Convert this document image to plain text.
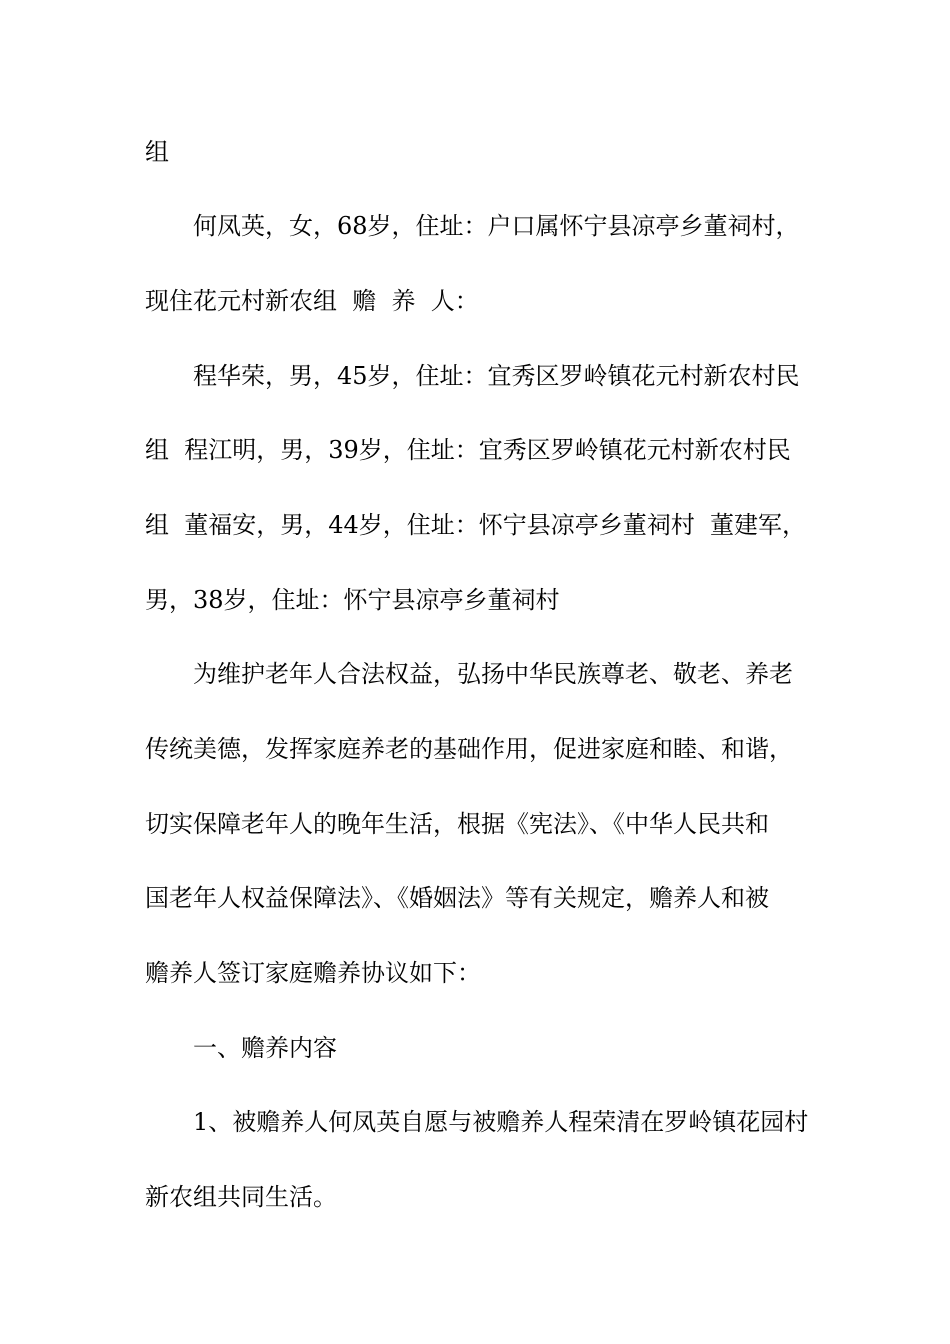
组
何凤英，女，68岁，住址：户口属怀宁县凉亭乡董祠村，
现住花元村新农组  赡  养  人：
程华荣，男，45岁，住址：宜秀区罗岭镇花元村新农村民
组  程江明，男，39岁，住址：宜秀区罗岭镇花元村新农村民
组  董福安，男，44岁，住址：怀宁县凉亭乡董祠村  董建军，
男，38岁，住址：怀宁县凉亭乡董祠村
为维护老年人合法权益，弘扬中华民族尊老、敬老、养老
传统美德，发挥家庭养老的基础作用，促进家庭和睦、和谐，
切实保障老年人的晚年生活，根据《宪法》、《中华人民共和
国老年人权益保障法》、《婚姻法》等有关规定，赡养人和被
赡养人签订家庭赡养协议如下：
一、赡养内容
1、被赡养人何凤英自愿与被赡养人程荣清在罗岭镇花园村
新农组共同生活。
